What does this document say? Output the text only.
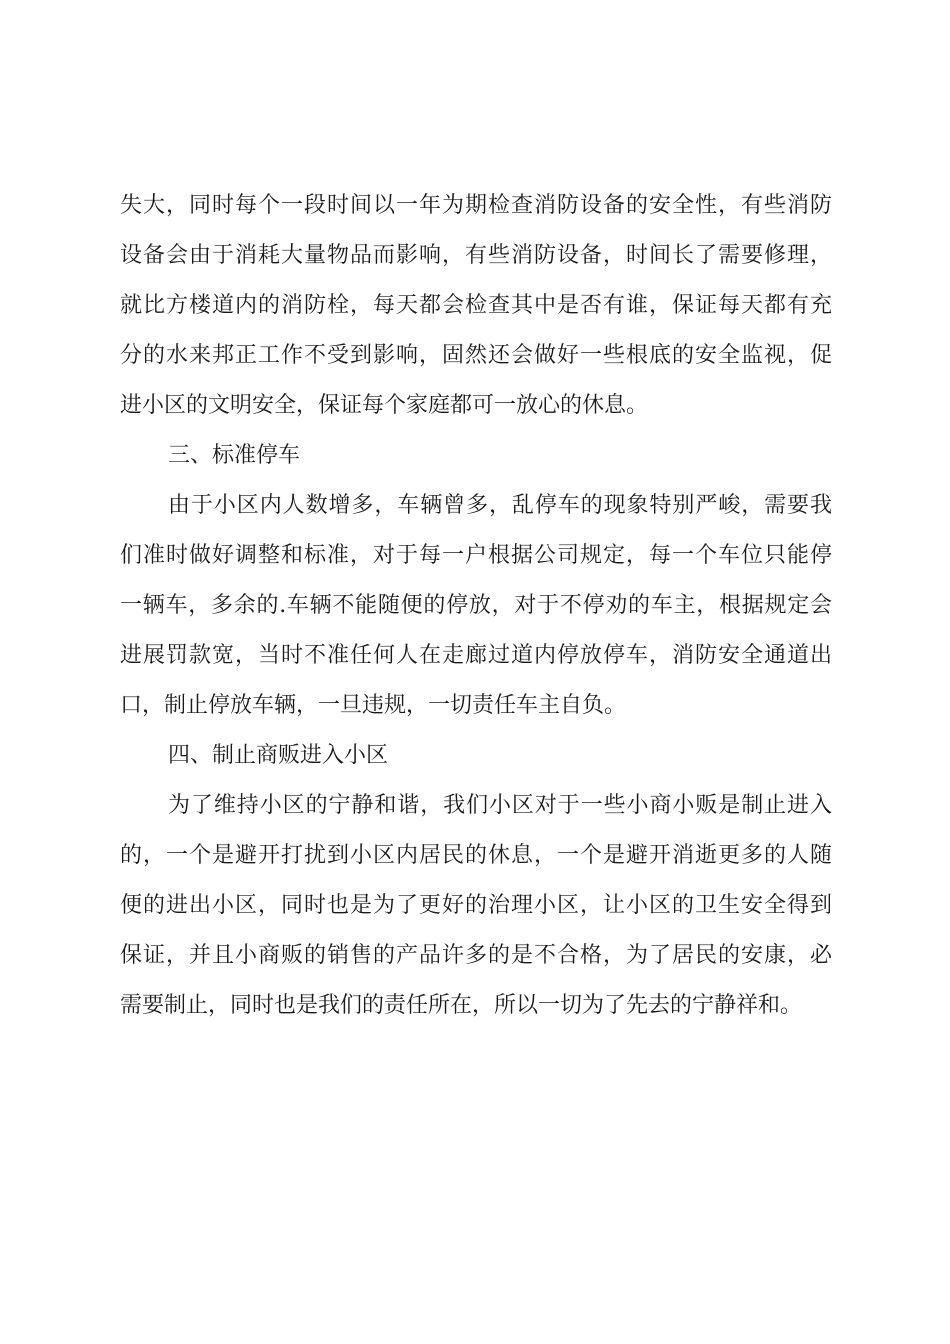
失大，同时每个一段时间以一年为期检查消防设备的安全性，有些消防
设备会由于消耗大量物品而影响，有些消防设备，时间长了需要修理，
就比方楼道内的消防栓，每天都会检查其中是否有谁，保证每天都有充
分的水来邦正工作不受到影响，固然还会做好一些根底的安全监视，促
进小区的文明安全，保证每个家庭都可一放心的休息。
三、标准停车
由于小区内人数增多，车辆曾多，乱停车的现象特别严峻，需要我
们准时做好调整和标准，对于每一户根据公司规定，每一个车位只能停
一辆车，多余的.车辆不能随便的停放，对于不停劝的车主，根据规定会
进展罚款宽，当时不准任何人在走廊过道内停放停车，消防安全通道出
口，制止停放车辆，一旦违规，一切责任车主自负。
四、制止商贩进入小区
为了维持小区的宁静和谐，我们小区对于一些小商小贩是制止进入
的，一个是避开打扰到小区内居民的休息，一个是避开消逝更多的人随
便的进出小区，同时也是为了更好的治理小区，让小区的卫生安全得到
保证，并且小商贩的销售的产品许多的是不合格，为了居民的安康，必
需要制止，同时也是我们的责任所在，所以一切为了先去的宁静祥和。
